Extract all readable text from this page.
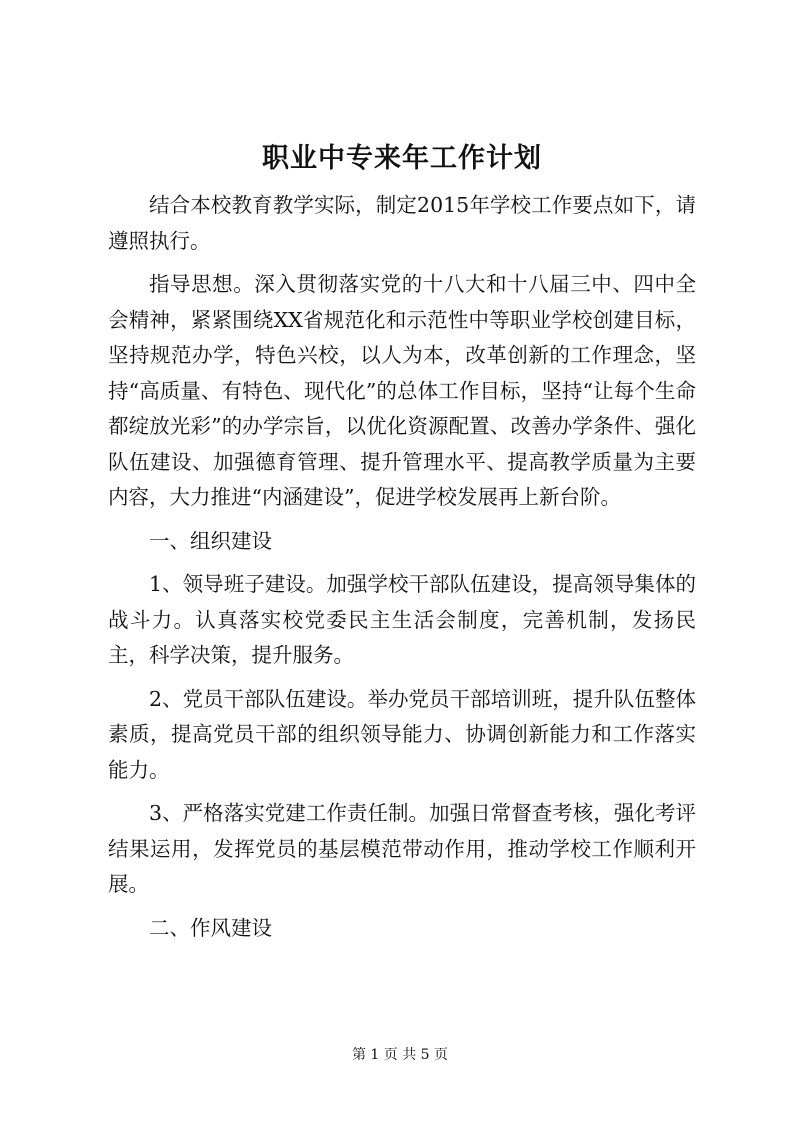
职业中专来年工作计划

结合本校教育教学实际，制定2015年学校工作要点如下，请遵照执行。

指导思想。深入贯彻落实党的十八大和十八届三中、四中全会精神，紧紧围绕XX省规范化和示范性中等职业学校创建目标，坚持规范办学，特色兴校，以人为本，改革创新的工作理念，坚持“高质量、有特色、现代化”的总体工作目标，坚持“让每个生命都绽放光彩”的办学宗旨，以优化资源配置、改善办学条件、强化队伍建设、加强德育管理、提升管理水平、提高教学质量为主要内容，大力推进“内涵建设”，促进学校发展再上新台阶。

一、组织建设

1、领导班子建设。加强学校干部队伍建设，提高领导集体的战斗力。认真落实校党委民主生活会制度，完善机制，发扬民主，科学决策，提升服务。

2、党员干部队伍建设。举办党员干部培训班，提升队伍整体素质，提高党员干部的组织领导能力、协调创新能力和工作落实能力。

3、严格落实党建工作责任制。加强日常督查考核，强化考评结果运用，发挥党员的基层模范带动作用，推动学校工作顺利开展。

二、作风建设

第 1 页 共 5 页
